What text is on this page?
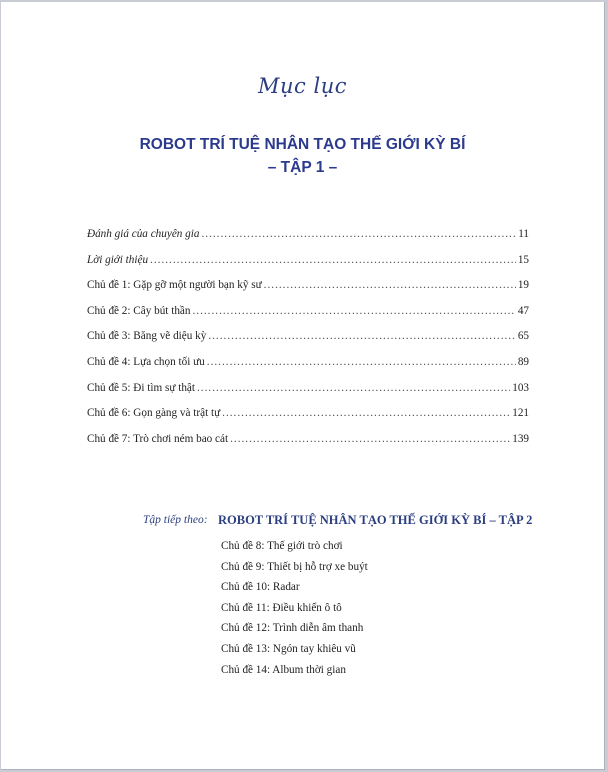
Mục lục
ROBOT TRÍ TUỆ NHÂN TẠO THẾ GIỚI KỲ BÍ
– TẬP 1 –
Đánh giá của chuyên gia .....	11
Lời giới thiệu .....	15
Chủ đề 1: Gặp gỡ một người bạn kỹ sư .....	19
Chủ đề 2: Cây bút thần .....	47
Chủ đề 3: Băng vẽ diệu kỳ .....	65
Chủ đề 4: Lựa chọn tối ưu .....	89
Chủ đề 5: Đi tìm sự thật .....	103
Chủ đề 6: Gọn gàng và trật tự .....	121
Chủ đề 7: Trò chơi ném bao cát .....	139
Tập tiếp theo: ROBOT TRÍ TUỆ NHÂN TẠO THẾ GIỚI KỲ BÍ – TẬP 2
Chủ đề 8: Thế giới trò chơi
Chủ đề 9: Thiết bị hỗ trợ xe buýt
Chủ đề 10: Radar
Chủ đề 11: Điều khiển ô tô
Chủ đề 12: Trình diễn âm thanh
Chủ đề 13: Ngón tay khiêu vũ
Chủ đề 14: Album thời gian
